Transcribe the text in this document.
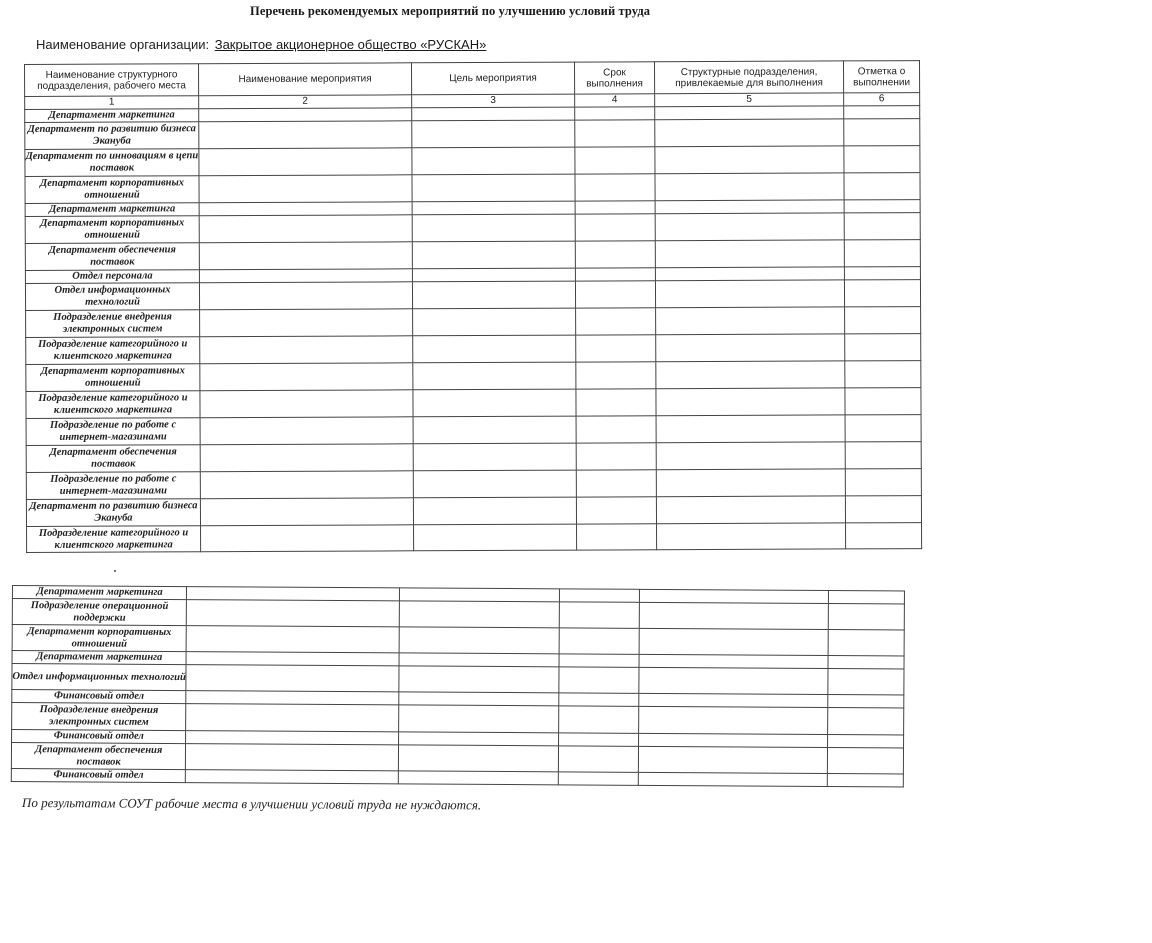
Перечень рекомендуемых мероприятий по улучшению условий труда
Наименование организации: Закрытое акционерное общество «РУСКАН»
Наименование структурного подразделения, рабочего места	Наименование мероприятия	Цель мероприятия	Срок выполнения	Структурные подразделения, привлекаемые для выполнения	Отметка о выполнении
1	2	3	4	5	6
Департамент маркетинга					
Департамент по развитию бизнеса Экануба					
Департамент по инновациям в цепи поставок					
Департамент корпоративных отношений					
Департамент маркетинга					
Департамент корпоративных отношений					
Департамент обеспечения поставок					
Отдел персонала					
Отдел информационных технологий					
Подразделение внедрения электронных систем					
Подразделение категорийного и клиентского маркетинга					
Департамент корпоративных отношений					
Подразделение категорийного и клиентского маркетинга					
Подразделение по работе с интернет-магазинами					
Департамент обеспечения поставок					
Подразделение по работе с интернет-магазинами					
Департамент по развитию бизнеса Экануба					
Подразделение категорийного и клиентского маркетинга					
Департамент маркетинга					
Подразделение операционной поддержки					
Департамент корпоративных отношений					
Департамент маркетинга					
Отдел информационных технологий					
Финансовый отдел					
Подразделение внедрения электронных систем					
Финансовый отдел					
Департамент обеспечения поставок					
Финансовый отдел					
По результатам СОУТ рабочие места в улучшении условий труда не нуждаются.
